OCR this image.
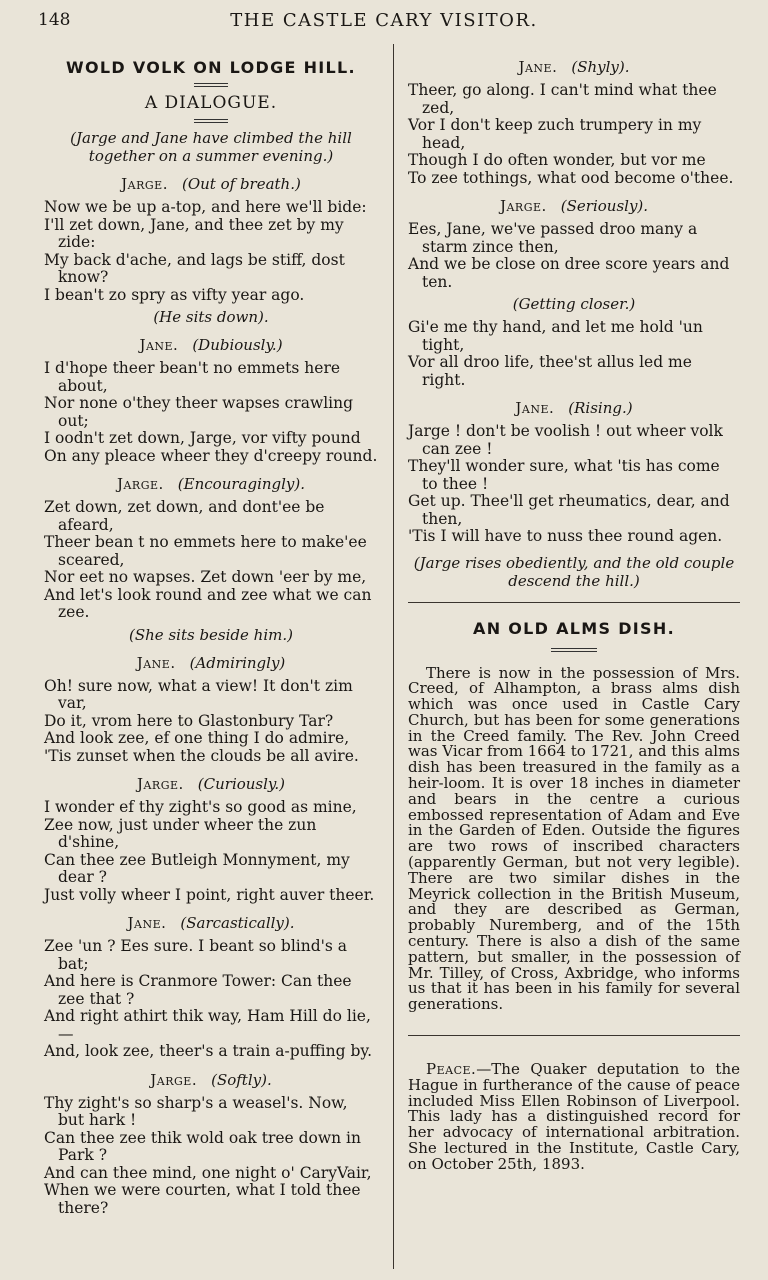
148	THE CASTLE CARY VISITOR.
WOLD VOLK ON LODGE HILL.

A DIALOGUE.

(Jarge and Jane have climbed the hill together on a summer evening.)

Jarge. (Out of breath.)

Now we be up a-top, and here we'll bide:

I'll zet down, Jane, and thee zet by my zide:

My back d'ache, and lags be stiff, dost know?

I bean't zo spry as vifty year ago.

(He sits down).

Jane. (Dubiously.)

I d'hope theer bean't no emmets here about,

Nor none o'they theer wapses crawling out;

I oodn't zet down, Jarge, vor vifty pound

On any pleace wheer they d'creepy round.

Jarge. (Encouragingly).

Zet down, zet down, and dont'ee be afeard,

Theer bean t no emmets here to make'ee sceared,

Nor eet no wapses. Zet down 'eer by me,

And let's look round and zee what we can zee.

(She sits beside him.)

Jane. (Admiringly)

Oh! sure now, what a view! It don't zim var,

Do it, vrom here to Glastonbury Tar?

And look zee, ef one thing I do admire,

'Tis zunset when the clouds be all avire.

Jarge. (Curiously.)

I wonder ef thy zight's so good as mine,

Zee now, just under wheer the zun d'shine,

Can thee zee Butleigh Monnyment, my dear ?

Just volly wheer I point, right auver theer.

Jane. (Sarcastically).

Zee 'un ? Ees sure. I beant so blind's a bat;

And here is Cranmore Tower: Can thee zee that ?

And right athirt thik way, Ham Hill do lie,—

And, look zee, theer's a train a-puffing by.

Jarge. (Softly).

Thy zight's so sharp's a weasel's. Now, but hark !

Can thee zee thik wold oak tree down in Park ?

And can thee mind, one night o' CaryVair,

When we were courten, what I told thee there?

Jane. (Shyly).

Theer, go along. I can't mind what thee zed,

Vor I don't keep zuch trumpery in my head,

Though I do often wonder, but vor me

To zee tothings, what ood become o'thee.

Jarge. (Seriously).

Ees, Jane, we've passed droo many a starm zince then,

And we be close on dree score years and ten.

(Getting closer.)

Gi'e me thy hand, and let me hold 'un tight,

Vor all droo life, thee'st allus led me right.

Jane. (Rising.)

Jarge ! don't be voolish ! out wheer volk can zee !

They'll wonder sure, what 'tis has come to thee !

Get up. Thee'll get rheumatics, dear, and then,

'Tis I will have to nuss thee round agen.

(Jarge rises obediently, and the old couple descend the hill.)

AN OLD ALMS DISH.

There is now in the possession of Mrs. Creed, of Alhampton, a brass alms dish which was once used in Castle Cary Church, but has been for some generations in the Creed family. The Rev. John Creed was Vicar from 1664 to 1721, and this alms dish has been treasured in the family as a heir-loom. It is over 18 inches in diameter and bears in the centre a curious embossed representation of Adam and Eve in the Garden of Eden. Outside the figures are two rows of inscribed characters (apparently German, but not very legible). There are two similar dishes in the Meyrick collection in the British Museum, and they are described as German, probably Nuremberg, and of the 15th century. There is also a dish of the same pattern, but smaller, in the possession of Mr. Tilley, of Cross, Axbridge, who informs us that it has been in his family for several generations.

Peace.—The Quaker deputation to the Hague in furtherance of the cause of peace included Miss Ellen Robinson of Liverpool. This lady has a distinguished record for her advocacy of international arbitration. She lectured in the Institute, Castle Cary, on October 25th, 1893.
